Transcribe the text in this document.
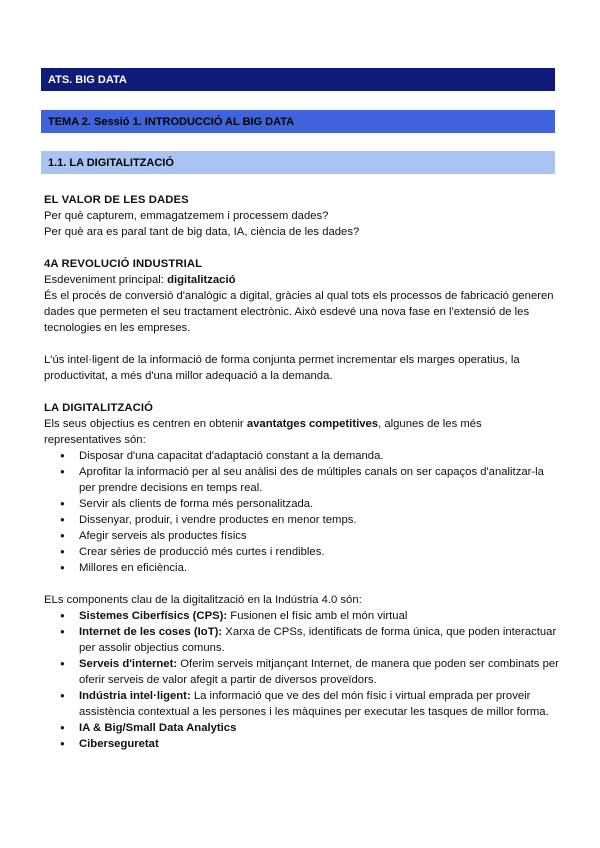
ATS. BIG DATA
TEMA 2. Sessió 1. INTRODUCCIÓ AL BIG DATA
1.1. LA DIGITALITZACIÓ

EL VALOR DE LES DADES

Per què capturem, emmagatzemem i processem dades?

Per què ara es paral tant de big data, IA, ciència de les dades?

4A REVOLUCIÓ INDUSTRIAL

Esdeveniment principal: digitalització

És el procés de conversió d'analògic a digital, gràcies al qual tots els processos de fabricació generen dades que permeten el seu tractament electrònic. Això esdevé una nova fase en l'extensió de les tecnologies en les empreses.

L'ús intel·ligent de la informació de forma conjunta permet incrementar els marges operatius, la productivitat, a més d'una millor adequació a la demanda.

LA DIGITALITZACIÓ

Els seus objectius es centren en obtenir avantatges competitives, algunes de les més representatives són:

● Disposar d'una capacitat d'adaptació constant a la demanda.
● Aprofitar la informació per al seu anàlisi des de múltiples canals on ser capaços d'analitzar-la per prendre decisions en temps real.
● Servir als clients de forma més personalitzada.
● Dissenyar, produir, i vendre productes en menor temps.
● Afegir serveis als productes físics
● Crear sèries de producció més curtes i rendibles.
● Millores en eficiència.

ELs components clau de la digitalització en la Indústria 4.0 són:

● Sistemes Ciberfísics (CPS): Fusionen el físic amb el món virtual
● Internet de les coses (IoT): Xarxa de CPSs, identificats de forma única, que poden interactuar per assolir objectius comuns.
● Serveis d'internet: Oferim serveis mitjançant Internet, de manera que poden ser combinats per oferir serveis de valor afegit a partir de diversos proveïdors.
● Indústria intel·ligent: La informació que ve des del món físic i virtual emprada per proveir assistència contextual a les persones i les màquines per executar les tasques de millor forma.
● IA & Big/Small Data Analytics
● Ciberseguretat
